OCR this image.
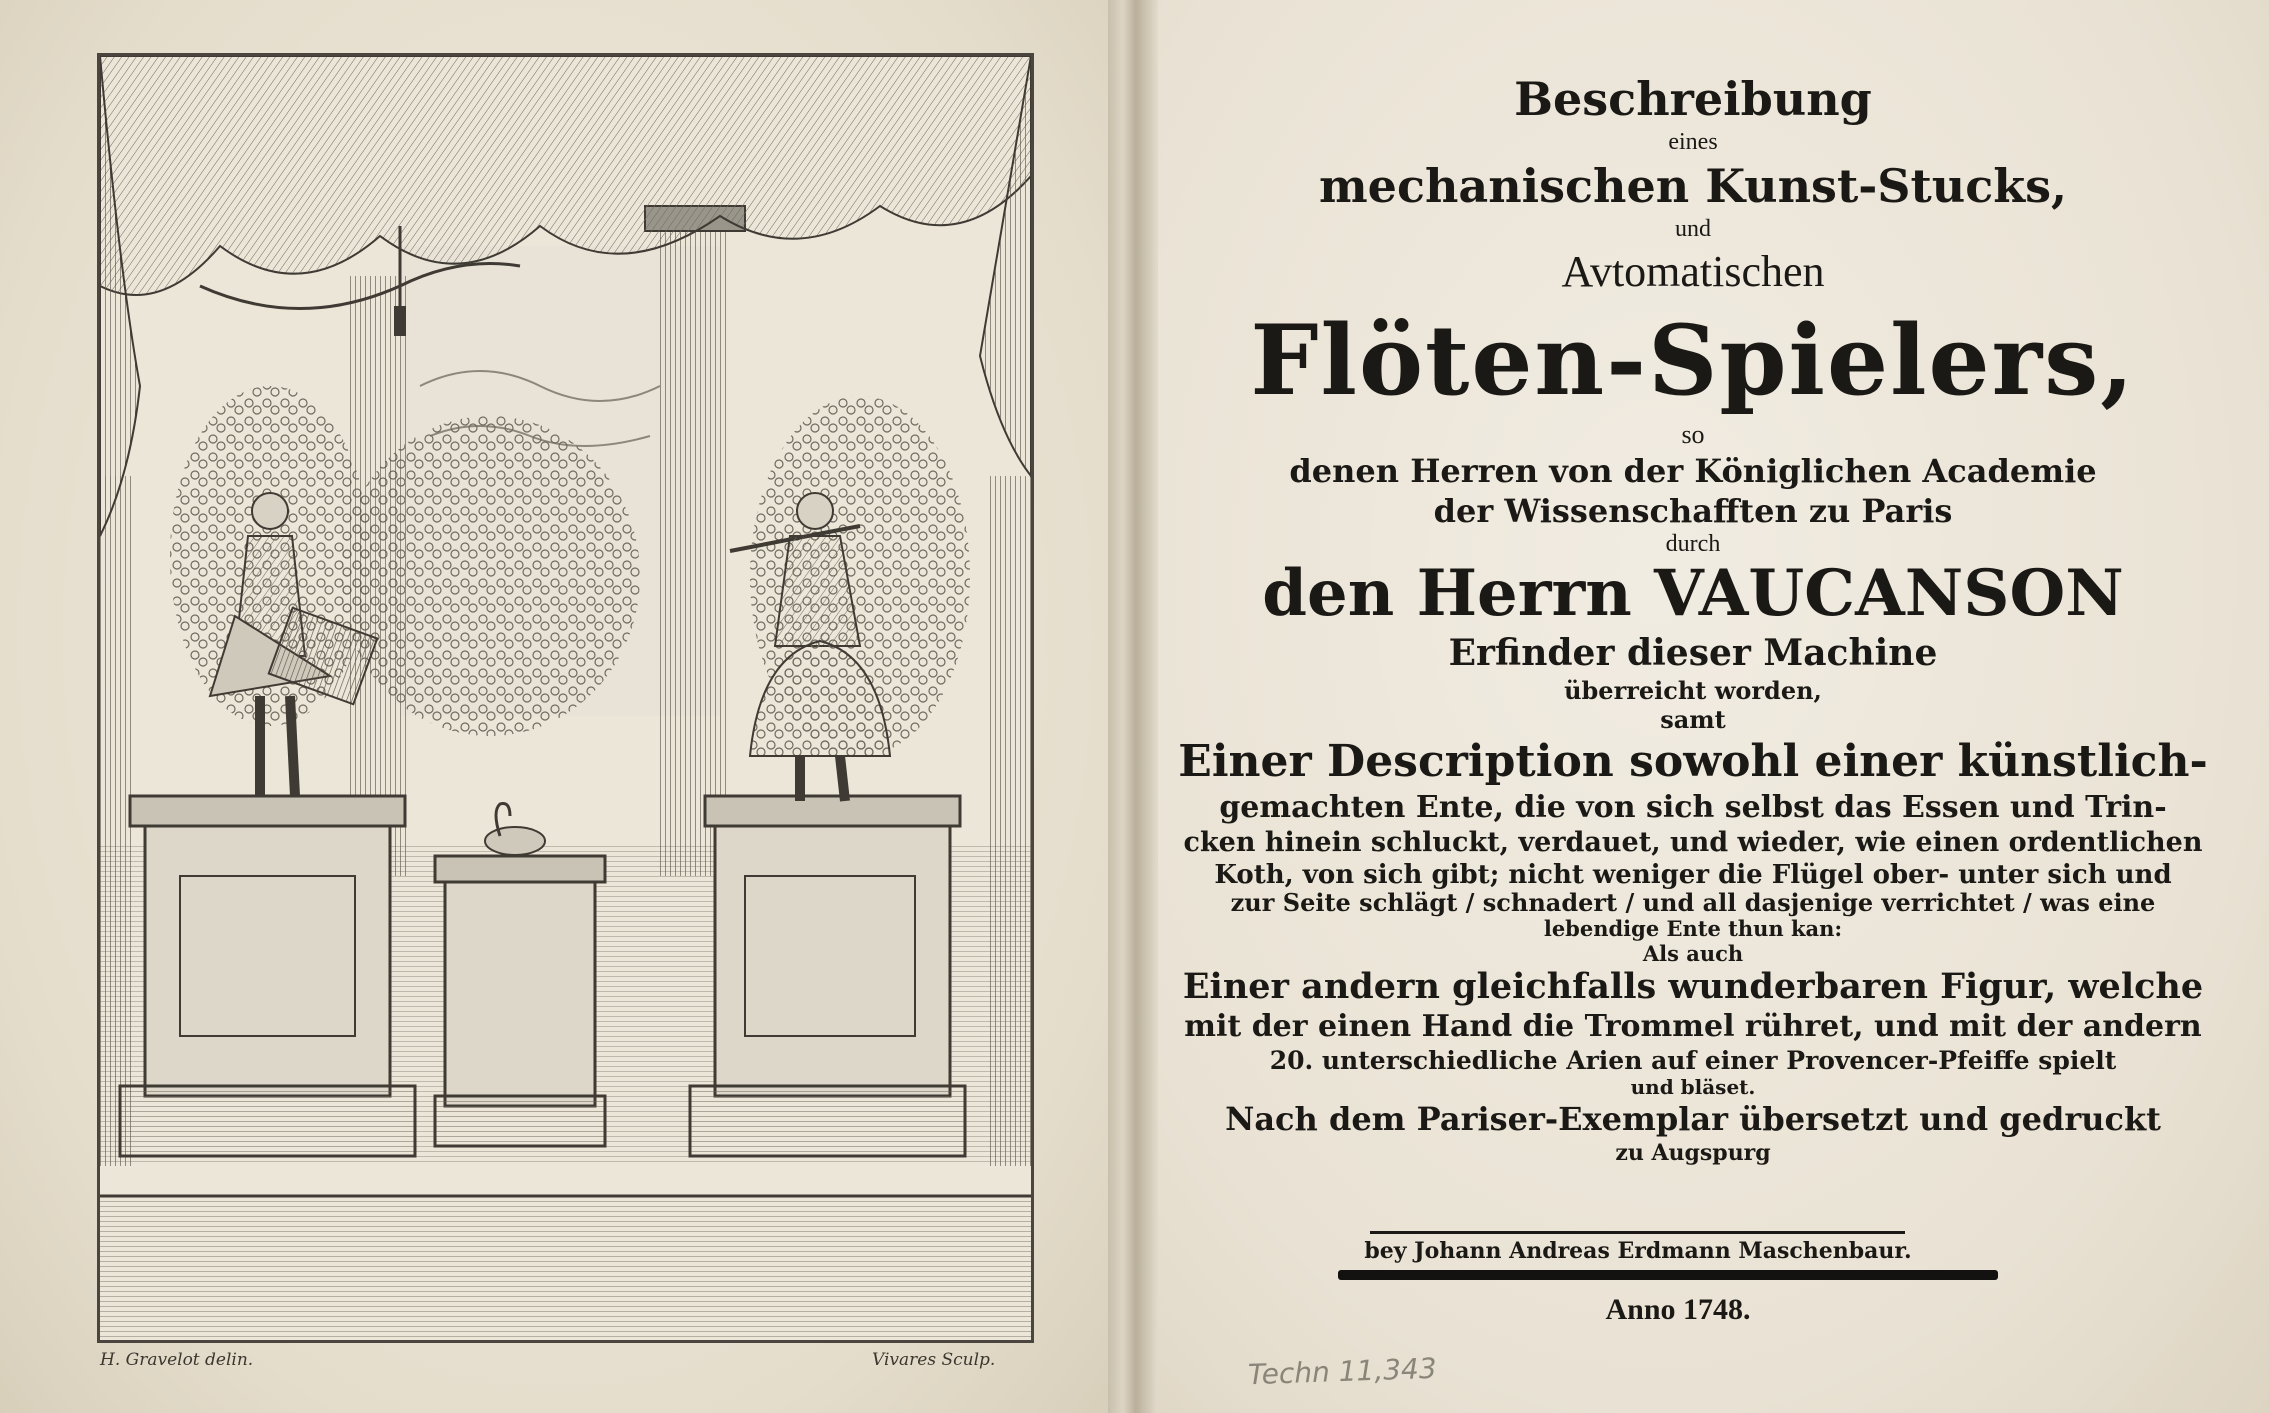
H. Gravelot delin.	Vivares Sculp.
Beschreibung
eines
mechanischen Kunst-Stucks,
und
Avtomatischen
Flöten-Spielers,
so
denen Herren von der Königlichen Academie
der Wissenschafften zu Paris
durch
den Herrn VAUCANSON
Erfinder dieser Machine
überreicht worden,
samt
Einer Description sowohl einer künstlich-
gemachten Ente, die von sich selbst das Essen und Trin-
cken hinein schluckt, verdauet, und wieder, wie einen ordentlichen
Koth, von sich gibt; nicht weniger die Flügel ober- unter sich und
zur Seite schlägt / schnadert / und all dasjenige verrichtet / was eine
lebendige Ente thun kan:
Als auch
Einer andern gleichfalls wunderbaren Figur, welche
mit der einen Hand die Trommel rühret, und mit der andern
20. unterschiedliche Arien auf einer Provencer-Pfeiffe spielt
und bläset.
Nach dem Pariser-Exemplar übersetzt und gedruckt
zu Augspurg
bey Johann Andreas Erdmann Maschenbaur.
Anno 1748.
Techn 11,343
